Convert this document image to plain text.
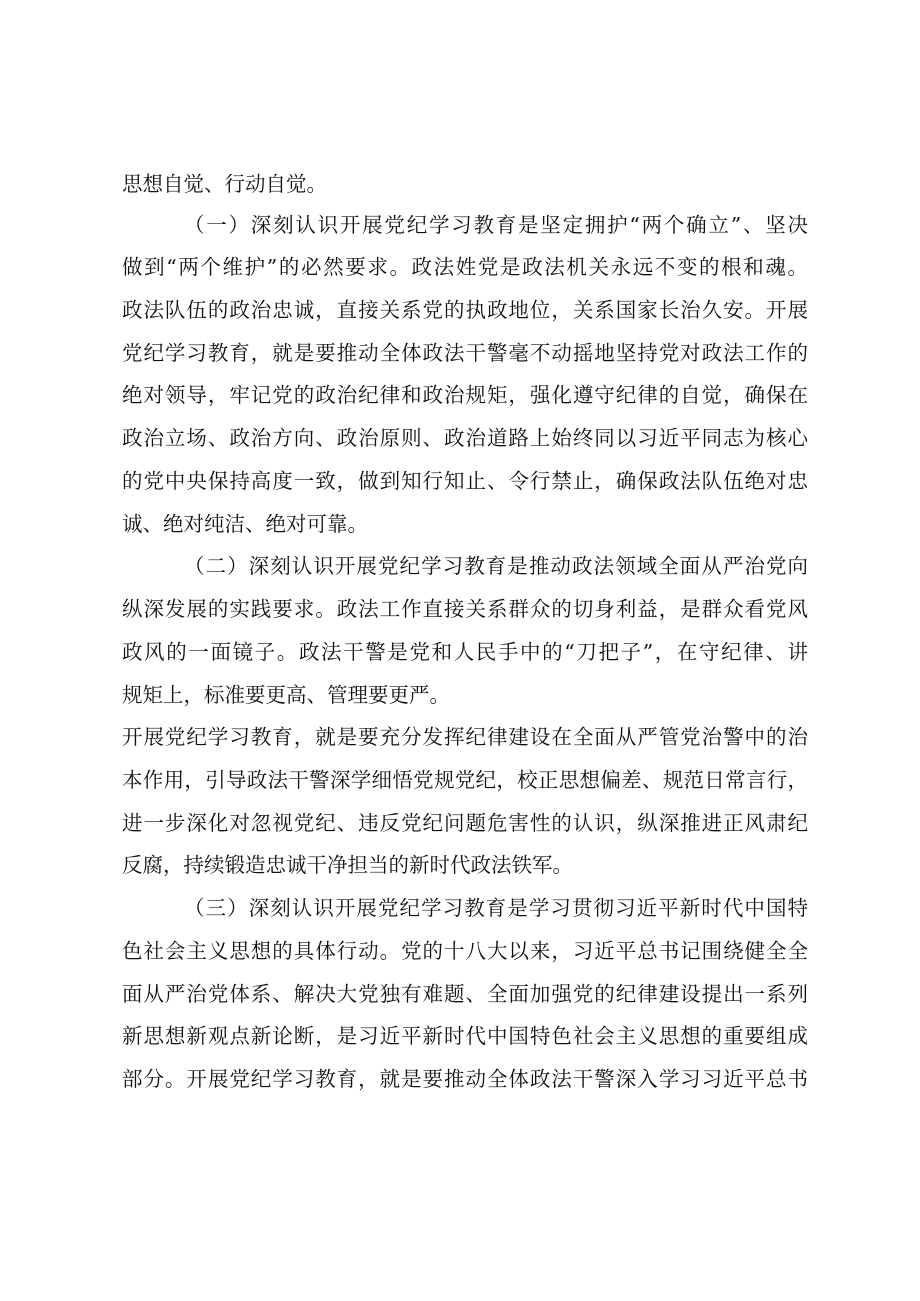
思想自觉、行动自觉。
（一）深刻认识开展党纪学习教育是坚定拥护“两个确立”、坚决
做到“两个维护”的必然要求。政法姓党是政法机关永远不变的根和魂。
政法队伍的政治忠诚，直接关系党的执政地位，关系国家长治久安。开展
党纪学习教育，就是要推动全体政法干警毫不动摇地坚持党对政法工作的
绝对领导，牢记党的政治纪律和政治规矩，强化遵守纪律的自觉，确保在
政治立场、政治方向、政治原则、政治道路上始终同以习近平同志为核心
的党中央保持高度一致，做到知行知止、令行禁止，确保政法队伍绝对忠
诚、绝对纯洁、绝对可靠。
（二）深刻认识开展党纪学习教育是推动政法领域全面从严治党向
纵深发展的实践要求。政法工作直接关系群众的切身利益，是群众看党风
政风的一面镜子。政法干警是党和人民手中的“刀把子”，在守纪律、讲
规矩上，标准要更高、管理要更严。
开展党纪学习教育，就是要充分发挥纪律建设在全面从严管党治警中的治
本作用，引导政法干警深学细悟党规党纪，校正思想偏差、规范日常言行，
进一步深化对忽视党纪、违反党纪问题危害性的认识，纵深推进正风肃纪
反腐，持续锻造忠诚干净担当的新时代政法铁军。
（三）深刻认识开展党纪学习教育是学习贯彻习近平新时代中国特
色社会主义思想的具体行动。党的十八大以来，习近平总书记围绕健全全
面从严治党体系、解决大党独有难题、全面加强党的纪律建设提出一系列
新思想新观点新论断，是习近平新时代中国特色社会主义思想的重要组成
部分。开展党纪学习教育，就是要推动全体政法干警深入学习习近平总书
